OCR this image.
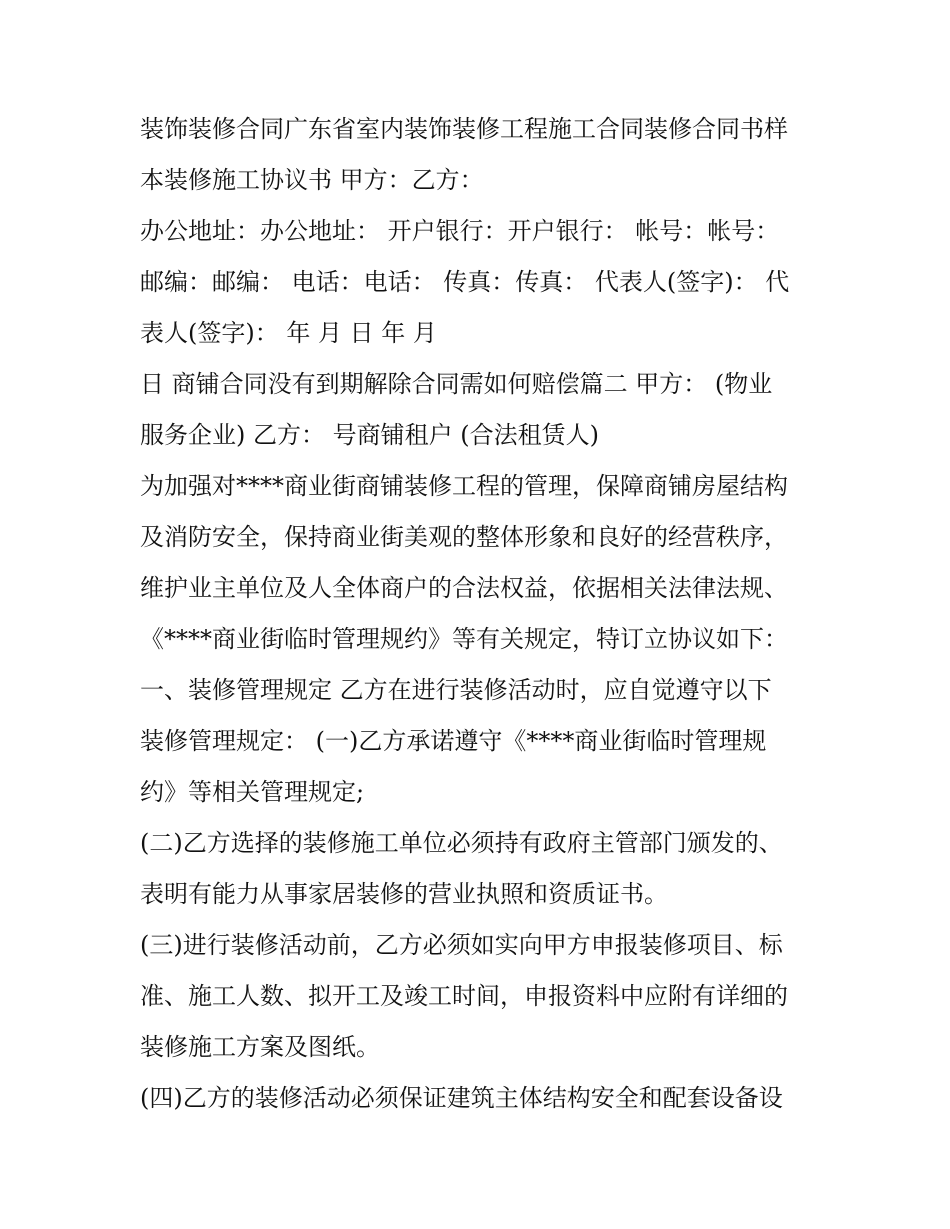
装饰装修合同广东省室内装饰装修工程施工合同装修合同书样
本装修施工协议书 甲方：乙方：
办公地址：办公地址： 开户银行：开户银行： 帐号：帐号：
邮编：邮编： 电话：电话： 传真：传真： 代表人(签字)： 代
表人(签字)： 年 月 日 年 月
日 商铺合同没有到期解除合同需如何赔偿篇二 甲方： (物业
服务企业) 乙方： 号商铺租户 (合法租赁人)
为加强对****商业街商铺装修工程的管理，保障商铺房屋结构
及消防安全，保持商业街美观的整体形象和良好的经营秩序，
维护业主单位及人全体商户的合法权益，依据相关法律法规、
《****商业街临时管理规约》等有关规定，特订立协议如下：
一、装修管理规定 乙方在进行装修活动时，应自觉遵守以下
装修管理规定： (一)乙方承诺遵守《****商业街临时管理规
约》等相关管理规定;
(二)乙方选择的装修施工单位必须持有政府主管部门颁发的、
表明有能力从事家居装修的营业执照和资质证书。
(三)进行装修活动前，乙方必须如实向甲方申报装修项目、标
准、施工人数、拟开工及竣工时间，申报资料中应附有详细的
装修施工方案及图纸。
(四)乙方的装修活动必须保证建筑主体结构安全和配套设备设
